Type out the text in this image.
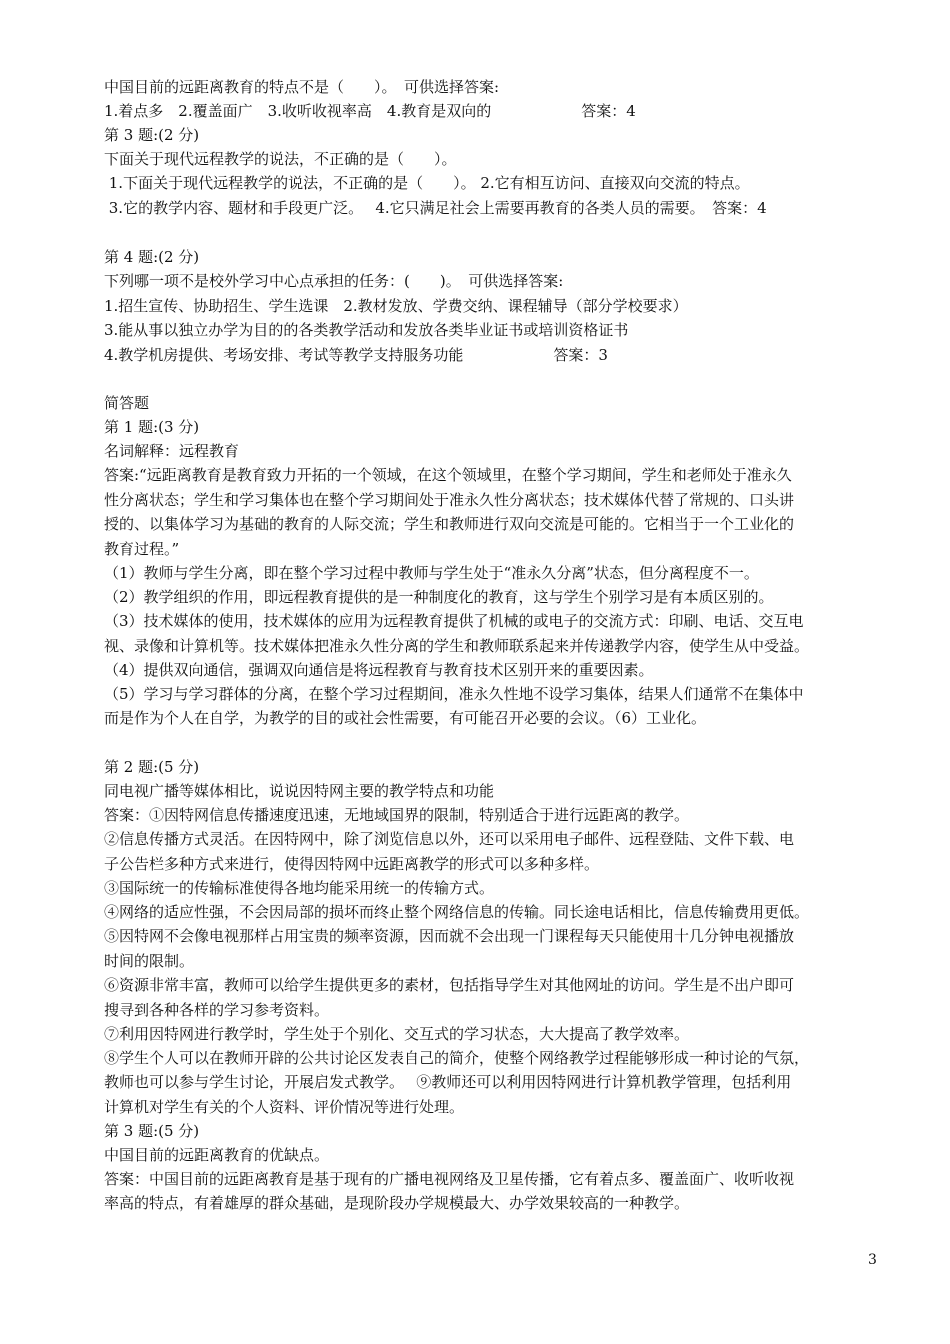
中国目前的远距离教育的特点不是（　　）。　可供选择答案:
1.着点多　2.覆盖面广　3.收听收视率高　4.教育是双向的　　　　　　答案：4
第 3 题:(2 分)
下面关于现代远程教学的说法，不正确的是（　　）。
1.下面关于现代远程教学的说法，不正确的是（　　）。 2.它有相互访问、直接双向交流的特点。
3.它的教学内容、题材和手段更广泛。　 4.它只满足社会上需要再教育的各类人员的需要。　答案：4
第 4 题:(2 分)
下列哪一项不是校外学习中心点承担的任务：(　　)。　可供选择答案:
1.招生宣传、协助招生、学生选课　2.教材发放、学费交纳、课程辅导（部分学校要求）
3.能从事以独立办学为目的的各类教学活动和发放各类毕业证书或培训资格证书
4.教学机房提供、考场安排、考试等教学支持服务功能　　　　　　答案：3
简答题
第 1 题:(3 分)
名词解释：远程教育
答案:“远距离教育是教育致力开拓的一个领域，在这个领域里，在整个学习期间，学生和老师处于准永久
性分离状态；学生和学习集体也在整个学习期间处于准永久性分离状态；技术媒体代替了常规的、口头讲
授的、以集体学习为基础的教育的人际交流；学生和教师进行双向交流是可能的。它相当于一个工业化的
教育过程。”
（1）教师与学生分离，即在整个学习过程中教师与学生处于“准永久分离”状态，但分离程度不一。
（2）教学组织的作用，即远程教育提供的是一种制度化的教育，这与学生个别学习是有本质区别的。
（3）技术媒体的使用，技术媒体的应用为远程教育提供了机械的或电子的交流方式：印刷、电话、交互电
视、录像和计算机等。技术媒体把准永久性分离的学生和教师联系起来并传递教学内容，使学生从中受益。
（4）提供双向通信，强调双向通信是将远程教育与教育技术区别开来的重要因素。
（5）学习与学习群体的分离，在整个学习过程期间，准永久性地不设学习集体，结果人们通常不在集体中
而是作为个人在自学，为教学的目的或社会性需要，有可能召开必要的会议。（6）工业化。
第 2 题:(5 分)
同电视广播等媒体相比，说说因特网主要的教学特点和功能
答案：①因特网信息传播速度迅速，无地域国界的限制，特别适合于进行远距离的教学。
②信息传播方式灵活。在因特网中，除了浏览信息以外，还可以采用电子邮件、远程登陆、文件下载、电
子公告栏多种方式来进行，使得因特网中远距离教学的形式可以多种多样。
③国际统一的传输标准使得各地均能采用统一的传输方式。
④网络的适应性强，不会因局部的损坏而终止整个网络信息的传输。同长途电话相比，信息传输费用更低。
⑤因特网不会像电视那样占用宝贵的频率资源，因而就不会出现一门课程每天只能使用十几分钟电视播放
时间的限制。
⑥资源非常丰富，教师可以给学生提供更多的素材，包括指导学生对其他网址的访问。学生是不出户即可
搜寻到各种各样的学习参考资料。
⑦利用因特网进行教学时，学生处于个别化、交互式的学习状态，大大提高了教学效率。
⑧学生个人可以在教师开辟的公共讨论区发表自己的简介，使整个网络教学过程能够形成一种讨论的气氛，
教师也可以参与学生讨论，开展启发式教学。　 ⑨教师还可以利用因特网进行计算机教学管理，包括利用
计算机对学生有关的个人资料、评价情况等进行处理。
第 3 题:(5 分)
中国目前的远距离教育的优缺点。
答案：中国目前的远距离教育是基于现有的广播电视网络及卫星传播，它有着点多、覆盖面广、收听收视
率高的特点，有着雄厚的群众基础，是现阶段办学规模最大、办学效果较高的一种教学。
3
